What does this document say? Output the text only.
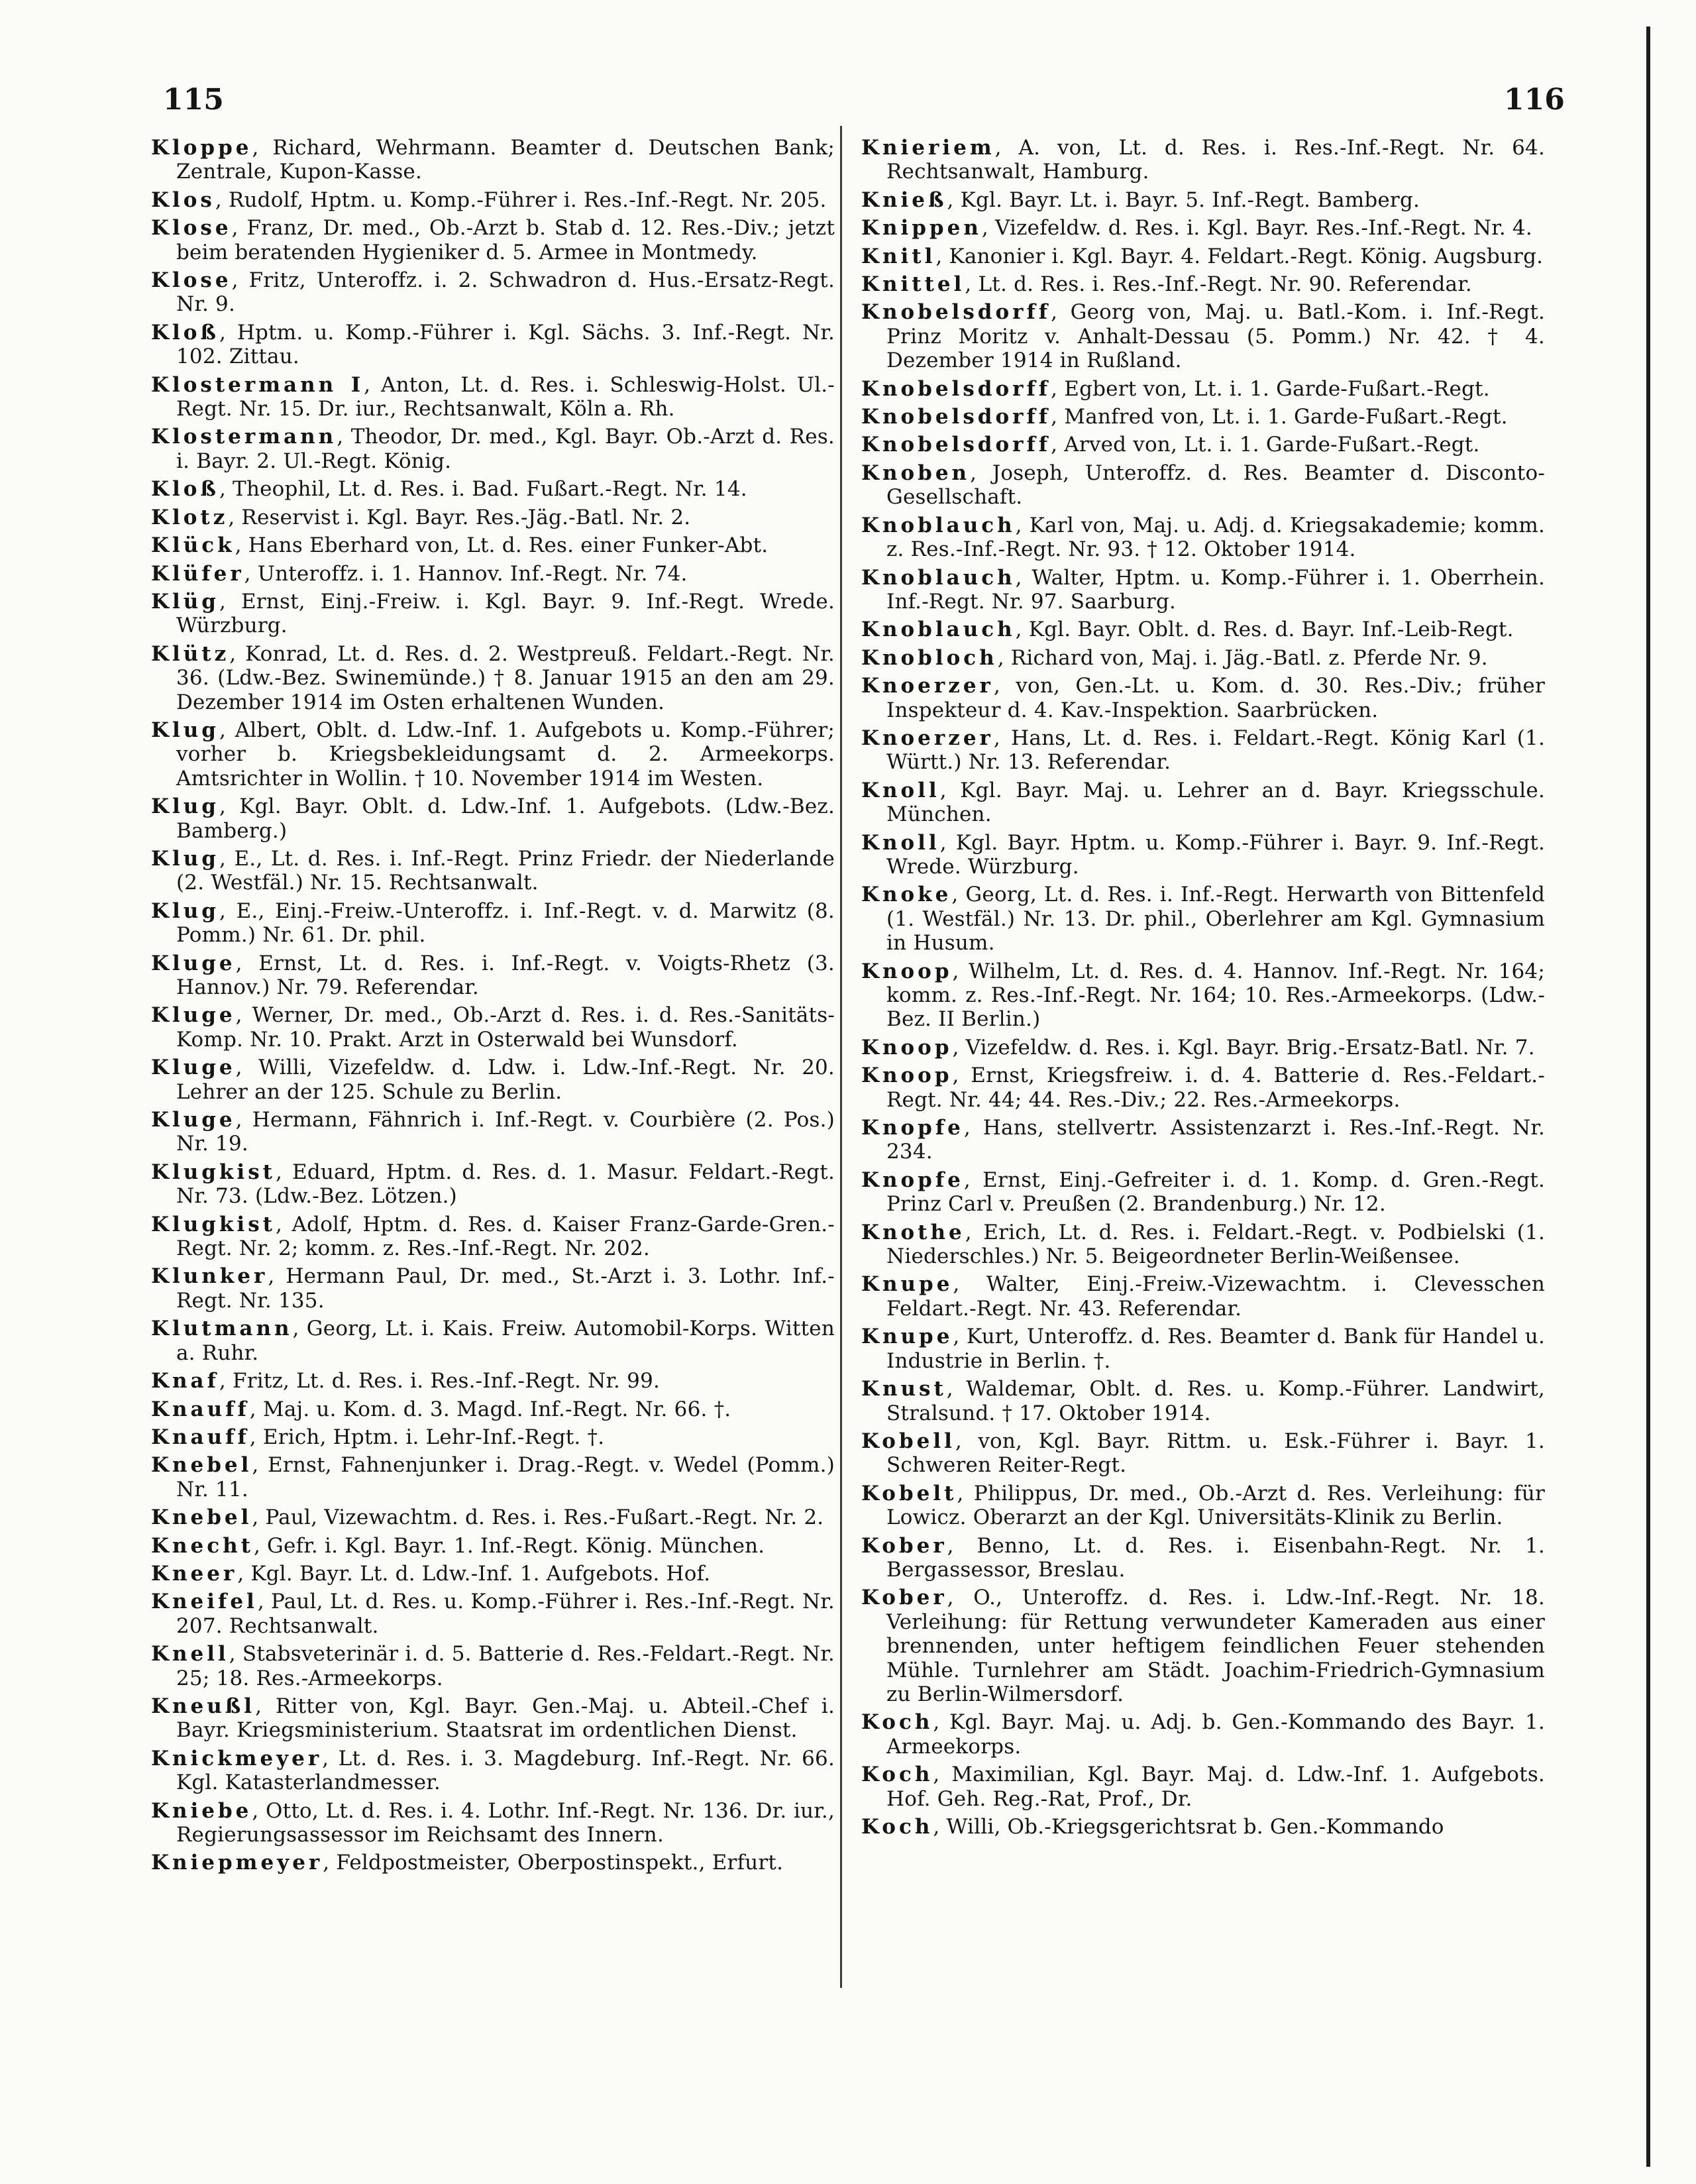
115	116

Kloppe, Richard, Wehrmann. Beamter d. Deutschen Bank; Zentrale, Kupon-Kasse.

Klos, Rudolf, Hptm. u. Komp.-Führer i. Res.-Inf.-Regt. Nr. 205.

Klose, Franz, Dr. med., Ob.-Arzt b. Stab d. 12. Res.-Div.; jetzt beim beratenden Hygieniker d. 5. Armee in Montmedy.

Klose, Fritz, Unteroffz. i. 2. Schwadron d. Hus.-Ersatz-Regt. Nr. 9.

Kloß, Hptm. u. Komp.-Führer i. Kgl. Sächs. 3. Inf.-Regt. Nr. 102. Zittau.

Klostermann I, Anton, Lt. d. Res. i. Schleswig-Holst. Ul.-Regt. Nr. 15. Dr. iur., Rechtsanwalt, Köln a. Rh.

Klostermann, Theodor, Dr. med., Kgl. Bayr. Ob.-Arzt d. Res. i. Bayr. 2. Ul.-Regt. König.

Kloß, Theophil, Lt. d. Res. i. Bad. Fußart.-Regt. Nr. 14.

Klotz, Reservist i. Kgl. Bayr. Res.-Jäg.-Batl. Nr. 2.

Klück, Hans Eberhard von, Lt. d. Res. einer Funker-Abt.

Klüfer, Unteroffz. i. 1. Hannov. Inf.-Regt. Nr. 74.

Klüg, Ernst, Einj.-Freiw. i. Kgl. Bayr. 9. Inf.-Regt. Wrede. Würzburg.

Klütz, Konrad, Lt. d. Res. d. 2. Westpreuß. Feldart.-Regt. Nr. 36. (Ldw.-Bez. Swinemünde.) † 8. Januar 1915 an den am 29. Dezember 1914 im Osten erhaltenen Wunden.

Klug, Albert, Oblt. d. Ldw.-Inf. 1. Aufgebots u. Komp.-Führer; vorher b. Kriegsbekleidungsamt d. 2. Armeekorps. Amtsrichter in Wollin. † 10. November 1914 im Westen.

Klug, Kgl. Bayr. Oblt. d. Ldw.-Inf. 1. Aufgebots. (Ldw.-Bez. Bamberg.)

Klug, E., Lt. d. Res. i. Inf.-Regt. Prinz Friedr. der Niederlande (2. Westfäl.) Nr. 15. Rechtsanwalt.

Klug, E., Einj.-Freiw.-Unteroffz. i. Inf.-Regt. v. d. Marwitz (8. Pomm.) Nr. 61. Dr. phil.

Kluge, Ernst, Lt. d. Res. i. Inf.-Regt. v. Voigts-Rhetz (3. Hannov.) Nr. 79. Referendar.

Kluge, Werner, Dr. med., Ob.-Arzt d. Res. i. d. Res.-Sanitäts-Komp. Nr. 10. Prakt. Arzt in Osterwald bei Wunsdorf.

Kluge, Willi, Vizefeldw. d. Ldw. i. Ldw.-Inf.-Regt. Nr. 20. Lehrer an der 125. Schule zu Berlin.

Kluge, Hermann, Fähnrich i. Inf.-Regt. v. Courbière (2. Pos.) Nr. 19.

Klugkist, Eduard, Hptm. d. Res. d. 1. Masur. Feldart.-Regt. Nr. 73. (Ldw.-Bez. Lötzen.)

Klugkist, Adolf, Hptm. d. Res. d. Kaiser Franz-Garde-Gren.-Regt. Nr. 2; komm. z. Res.-Inf.-Regt. Nr. 202.

Klunker, Hermann Paul, Dr. med., St.-Arzt i. 3. Lothr. Inf.-Regt. Nr. 135.

Klutmann, Georg, Lt. i. Kais. Freiw. Automobil-Korps. Witten a. Ruhr.

Knaf, Fritz, Lt. d. Res. i. Res.-Inf.-Regt. Nr. 99.

Knauff, Maj. u. Kom. d. 3. Magd. Inf.-Regt. Nr. 66. †.

Knauff, Erich, Hptm. i. Lehr-Inf.-Regt. †.

Knebel, Ernst, Fahnenjunker i. Drag.-Regt. v. Wedel (Pomm.) Nr. 11.

Knebel, Paul, Vizewachtm. d. Res. i. Res.-Fußart.-Regt. Nr. 2.

Knecht, Gefr. i. Kgl. Bayr. 1. Inf.-Regt. König. München.

Kneer, Kgl. Bayr. Lt. d. Ldw.-Inf. 1. Aufgebots. Hof.

Kneifel, Paul, Lt. d. Res. u. Komp.-Führer i. Res.-Inf.-Regt. Nr. 207. Rechtsanwalt.

Knell, Stabsveterinär i. d. 5. Batterie d. Res.-Feldart.-Regt. Nr. 25; 18. Res.-Armeekorps.

Kneußl, Ritter von, Kgl. Bayr. Gen.-Maj. u. Abteil.-Chef i. Bayr. Kriegsministerium. Staatsrat im ordentlichen Dienst.

Knickmeyer, Lt. d. Res. i. 3. Magdeburg. Inf.-Regt. Nr. 66. Kgl. Katasterlandmesser.

Kniebe, Otto, Lt. d. Res. i. 4. Lothr. Inf.-Regt. Nr. 136. Dr. iur., Regierungsassessor im Reichsamt des Innern.

Kniepmeyer, Feldpostmeister, Oberpostinspekt., Erfurt.

Knieriem, A. von, Lt. d. Res. i. Res.-Inf.-Regt. Nr. 64. Rechtsanwalt, Hamburg.

Knieß, Kgl. Bayr. Lt. i. Bayr. 5. Inf.-Regt. Bamberg.

Knippen, Vizefeldw. d. Res. i. Kgl. Bayr. Res.-Inf.-Regt. Nr. 4.

Knitl, Kanonier i. Kgl. Bayr. 4. Feldart.-Regt. König. Augsburg.

Knittel, Lt. d. Res. i. Res.-Inf.-Regt. Nr. 90. Referendar.

Knobelsdorff, Georg von, Maj. u. Batl.-Kom. i. Inf.-Regt. Prinz Moritz v. Anhalt-Dessau (5. Pomm.) Nr. 42. † 4. Dezember 1914 in Rußland.

Knobelsdorff, Egbert von, Lt. i. 1. Garde-Fußart.-Regt.

Knobelsdorff, Manfred von, Lt. i. 1. Garde-Fußart.-Regt.

Knobelsdorff, Arved von, Lt. i. 1. Garde-Fußart.-Regt.

Knoben, Joseph, Unteroffz. d. Res. Beamter d. Disconto-Gesellschaft.

Knoblauch, Karl von, Maj. u. Adj. d. Kriegsakademie; komm. z. Res.-Inf.-Regt. Nr. 93. † 12. Oktober 1914.

Knoblauch, Walter, Hptm. u. Komp.-Führer i. 1. Oberrhein. Inf.-Regt. Nr. 97. Saarburg.

Knoblauch, Kgl. Bayr. Oblt. d. Res. d. Bayr. Inf.-Leib-Regt.

Knobloch, Richard von, Maj. i. Jäg.-Batl. z. Pferde Nr. 9.

Knoerzer, von, Gen.-Lt. u. Kom. d. 30. Res.-Div.; früher Inspekteur d. 4. Kav.-Inspektion. Saarbrücken.

Knoerzer, Hans, Lt. d. Res. i. Feldart.-Regt. König Karl (1. Württ.) Nr. 13. Referendar.

Knoll, Kgl. Bayr. Maj. u. Lehrer an d. Bayr. Kriegsschule. München.

Knoll, Kgl. Bayr. Hptm. u. Komp.-Führer i. Bayr. 9. Inf.-Regt. Wrede. Würzburg.

Knoke, Georg, Lt. d. Res. i. Inf.-Regt. Herwarth von Bittenfeld (1. Westfäl.) Nr. 13. Dr. phil., Oberlehrer am Kgl. Gymnasium in Husum.

Knoop, Wilhelm, Lt. d. Res. d. 4. Hannov. Inf.-Regt. Nr. 164; komm. z. Res.-Inf.-Regt. Nr. 164; 10. Res.-Armeekorps. (Ldw.-Bez. II Berlin.)

Knoop, Vizefeldw. d. Res. i. Kgl. Bayr. Brig.-Ersatz-Batl. Nr. 7.

Knoop, Ernst, Kriegsfreiw. i. d. 4. Batterie d. Res.-Feldart.-Regt. Nr. 44; 44. Res.-Div.; 22. Res.-Armeekorps.

Knopfe, Hans, stellvertr. Assistenzarzt i. Res.-Inf.-Regt. Nr. 234.

Knopfe, Ernst, Einj.-Gefreiter i. d. 1. Komp. d. Gren.-Regt. Prinz Carl v. Preußen (2. Brandenburg.) Nr. 12.

Knothe, Erich, Lt. d. Res. i. Feldart.-Regt. v. Podbielski (1. Niederschles.) Nr. 5. Beigeordneter Berlin-Weißensee.

Knupe, Walter, Einj.-Freiw.-Vizewachtm. i. Clevesschen Feldart.-Regt. Nr. 43. Referendar.

Knupe, Kurt, Unteroffz. d. Res. Beamter d. Bank für Handel u. Industrie in Berlin. †.

Knust, Waldemar, Oblt. d. Res. u. Komp.-Führer. Landwirt, Stralsund. † 17. Oktober 1914.

Kobell, von, Kgl. Bayr. Rittm. u. Esk.-Führer i. Bayr. 1. Schweren Reiter-Regt.

Kobelt, Philippus, Dr. med., Ob.-Arzt d. Res. Verleihung: für Lowicz. Oberarzt an der Kgl. Universitäts-Klinik zu Berlin.

Kober, Benno, Lt. d. Res. i. Eisenbahn-Regt. Nr. 1. Bergassessor, Breslau.

Kober, O., Unteroffz. d. Res. i. Ldw.-Inf.-Regt. Nr. 18. Verleihung: für Rettung verwundeter Kameraden aus einer brennenden, unter heftigem feindlichen Feuer stehenden Mühle. Turnlehrer am Städt. Joachim-Friedrich-Gymnasium zu Berlin-Wilmersdorf.

Koch, Kgl. Bayr. Maj. u. Adj. b. Gen.-Kommando des Bayr. 1. Armeekorps.

Koch, Maximilian, Kgl. Bayr. Maj. d. Ldw.-Inf. 1. Aufgebots. Hof. Geh. Reg.-Rat, Prof., Dr.

Koch, Willi, Ob.-Kriegsgerichtsrat b. Gen.-Kommando
